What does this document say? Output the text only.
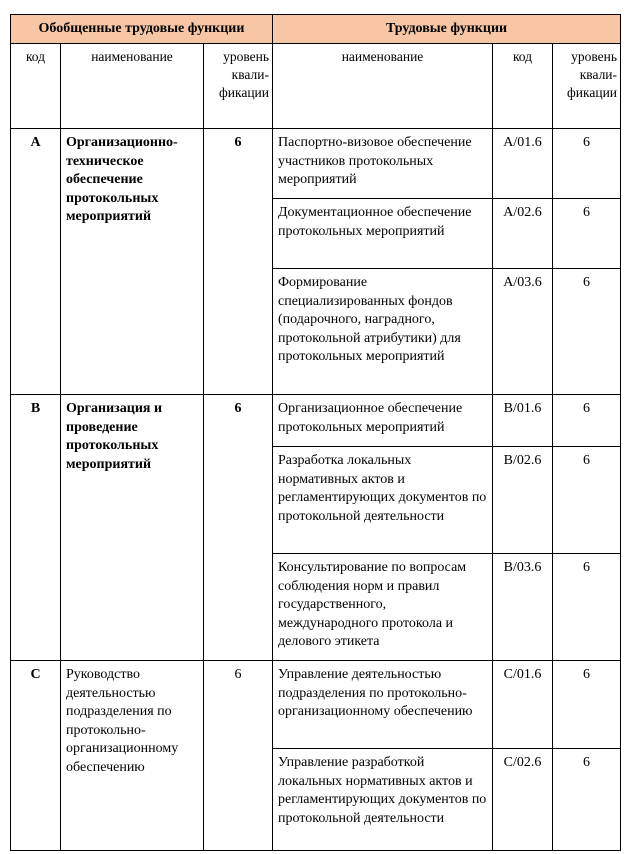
Обобщенные трудовые функции			Трудовые функции		
код	наименование	уровень квали-фикации	наименование	код	уровень квали-фикации
A	Организационно-техническое обеспечение протокольных мероприятий	6	Паспортно-визовое обеспечение участников протокольных мероприятий	A/01.6	6
			Документационное обеспечение протокольных мероприятий	A/02.6	6
			Формирование специализированных фондов (подарочного, наградного, протокольной атрибутики) для протокольных мероприятий	A/03.6	6
B	Организация и проведение протокольных мероприятий	6	Организационное обеспечение протокольных мероприятий	B/01.6	6
			Разработка локальных нормативных актов и регламентирующих документов по протокольной деятельности	B/02.6	6
			Консультирование по вопросам соблюдения норм и правил государственного, международного протокола и делового этикета	B/03.6	6
C	Руководство деятельностью подразделения по протокольно-организационному обеспечению	6	Управление деятельностью подразделения по протокольно-организационному обеспечению	C/01.6	6
			Управление разработкой локальных нормативных актов и регламентирующих документов по протокольной деятельности	C/02.6	6
